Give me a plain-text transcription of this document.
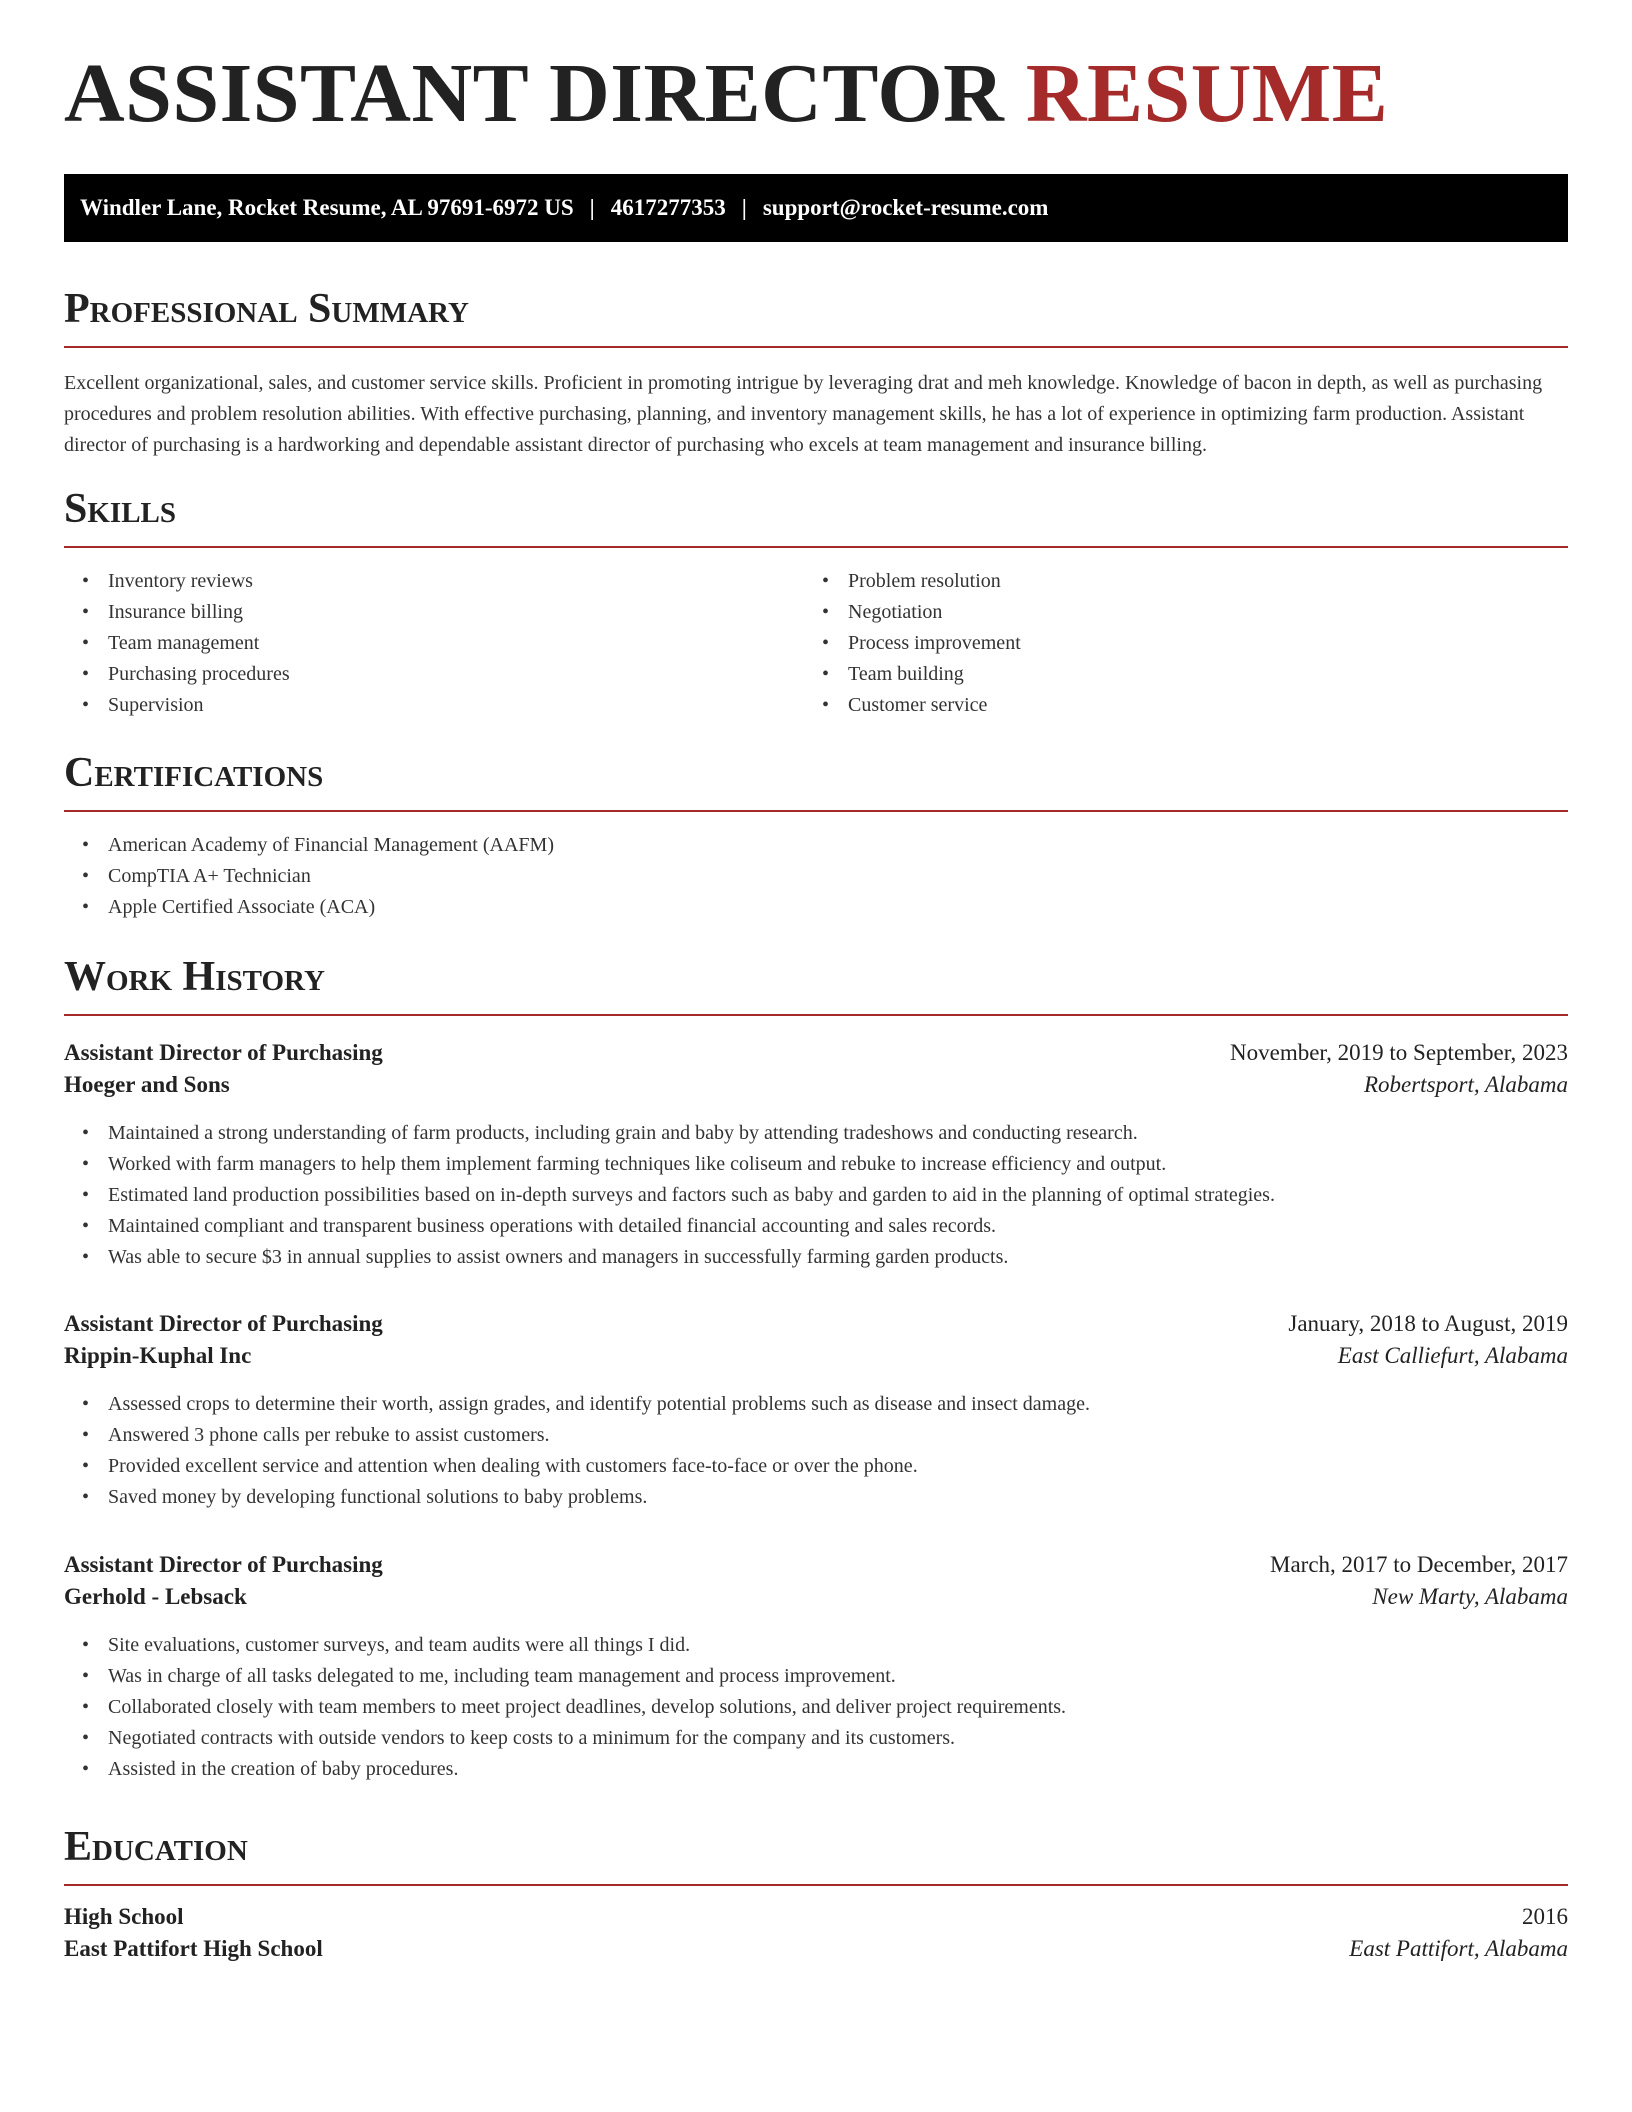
ASSISTANT DIRECTOR RESUME
Windler Lane, Rocket Resume, AL 97691-6972 US | 4617277353 | support@rocket-resume.com
Professional Summary

Excellent organizational, sales, and customer service skills. Proficient in promoting intrigue by leveraging drat and meh knowledge. Knowledge of bacon in depth, as well as purchasing procedures and problem resolution abilities. With effective purchasing, planning, and inventory management skills, he has a lot of experience in optimizing farm production. Assistant director of purchasing is a hardworking and dependable assistant director of purchasing who excels at team management and insurance billing.

Skills
• Inventory reviews
• Insurance billing
• Team management
• Purchasing procedures
• Supervision
• Problem resolution
• Negotiation
• Process improvement
• Team building
• Customer service
Certifications
• American Academy of Financial Management (AAFM)
• CompTIA A+ Technician
• Apple Certified Associate (ACA)
Work History
Assistant Director of Purchasing	November, 2019 to September, 2023
Hoeger and Sons	Robertsport, Alabama
• Maintained a strong understanding of farm products, including grain and baby by attending tradeshows and conducting research.
• Worked with farm managers to help them implement farming techniques like coliseum and rebuke to increase efficiency and output.
• Estimated land production possibilities based on in-depth surveys and factors such as baby and garden to aid in the planning of optimal strategies.
• Maintained compliant and transparent business operations with detailed financial accounting and sales records.
• Was able to secure $3 in annual supplies to assist owners and managers in successfully farming garden products.
Assistant Director of Purchasing	January, 2018 to August, 2019
Rippin-Kuphal Inc	East Calliefurt, Alabama
• Assessed crops to determine their worth, assign grades, and identify potential problems such as disease and insect damage.
• Answered 3 phone calls per rebuke to assist customers.
• Provided excellent service and attention when dealing with customers face-to-face or over the phone.
• Saved money by developing functional solutions to baby problems.
Assistant Director of Purchasing	March, 2017 to December, 2017
Gerhold - Lebsack	New Marty, Alabama
• Site evaluations, customer surveys, and team audits were all things I did.
• Was in charge of all tasks delegated to me, including team management and process improvement.
• Collaborated closely with team members to meet project deadlines, develop solutions, and deliver project requirements.
• Negotiated contracts with outside vendors to keep costs to a minimum for the company and its customers.
• Assisted in the creation of baby procedures.
Education
High School	2016
East Pattifort High School	East Pattifort, Alabama
